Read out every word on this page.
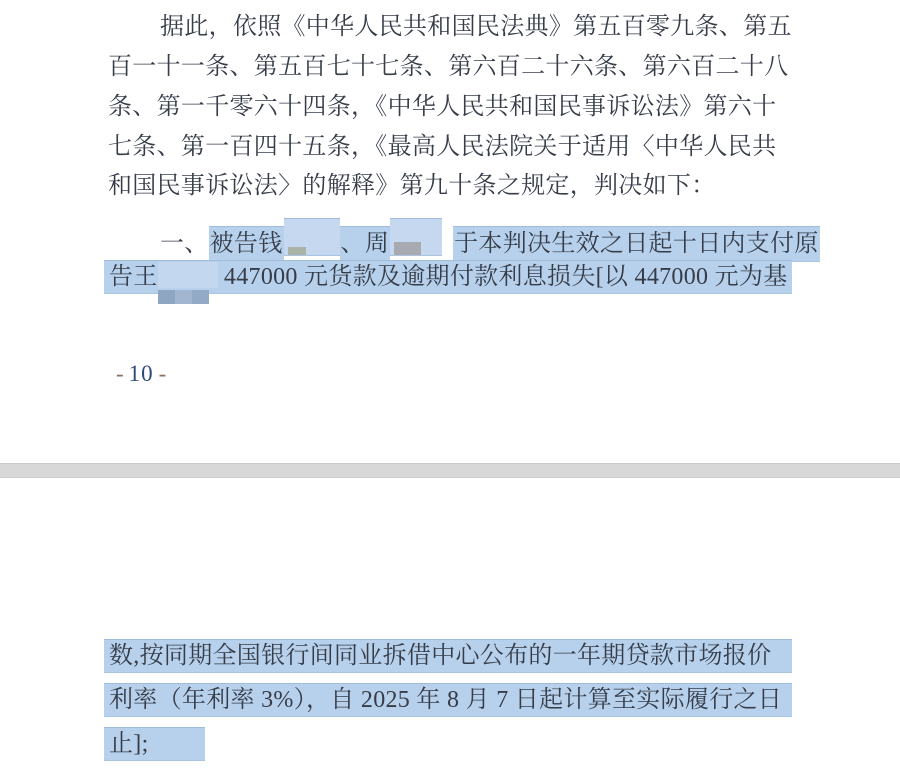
据此，依照《中华人民共和国民法典》第五百零九条、第五
百一十一条、第五百七十七条、第六百二十六条、第六百二十八
条、第一千零六十四条，《中华人民共和国民事诉讼法》第六十
七条、第一百四十五条，《最高人民法院关于适用〈中华人民共
和国民事诉讼法〉的解释》第九十条之规定，判决如下：
一、被告钱 、周	于本判决生效之日起十日内支付原
告王	447000 元货款及逾期付款利息损失[以 447000 元为基
- 10 -
数,按同期全国银行间同业拆借中心公布的一年期贷款市场报价
利率（年利率 3%），自 2025 年 8 月 7 日起计算至实际履行之日
止];
